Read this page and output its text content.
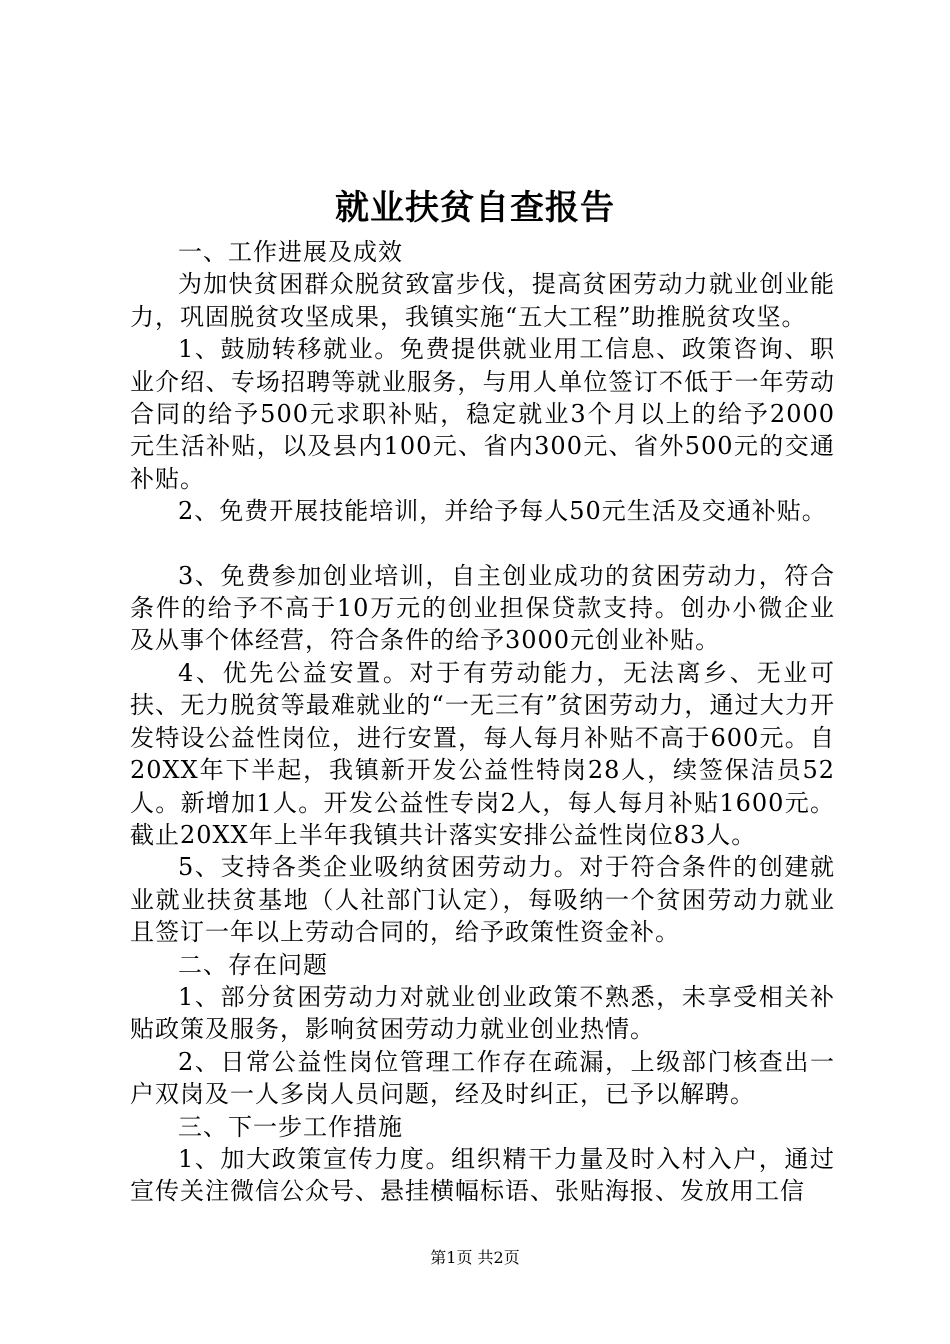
就业扶贫自查报告

一、工作进展及成效

为加快贫困群众脱贫致富步伐，提高贫困劳动力就业创业能力，巩固脱贫攻坚成果，我镇实施“五大工程”助推脱贫攻坚。

1、鼓励转移就业。免费提供就业用工信息、政策咨询、职业介绍、专场招聘等就业服务，与用人单位签订不低于一年劳动合同的给予500元求职补贴，稳定就业3个月以上的给予2000元生活补贴，以及县内100元、省内300元、省外500元的交通补贴。

2、免费开展技能培训，并给予每人50元生活及交通补贴。

3、免费参加创业培训，自主创业成功的贫困劳动力，符合条件的给予不高于10万元的创业担保贷款支持。创办小微企业及从事个体经营，符合条件的给予3000元创业补贴。

4、优先公益安置。对于有劳动能力，无法离乡、无业可扶、无力脱贫等最难就业的“一无三有”贫困劳动力，通过大力开发特设公益性岗位，进行安置，每人每月补贴不高于600元。自20XX年下半起，我镇新开发公益性特岗28人，续签保洁员52人。新增加1人。开发公益性专岗2人，每人每月补贴1600元。截止20XX年上半年我镇共计落实安排公益性岗位83人。

5、支持各类企业吸纳贫困劳动力。对于符合条件的创建就业就业扶贫基地（人社部门认定），每吸纳一个贫困劳动力就业且签订一年以上劳动合同的，给予政策性资金补。

二、存在问题

1、部分贫困劳动力对就业创业政策不熟悉，未享受相关补贴政策及服务，影响贫困劳动力就业创业热情。

2、日常公益性岗位管理工作存在疏漏，上级部门核查出一户双岗及一人多岗人员问题，经及时纠正，已予以解聘。

三、下一步工作措施

1、加大政策宣传力度。组织精干力量及时入村入户，通过宣传关注微信公众号、悬挂横幅标语、张贴海报、发放用工信

第1页 共2页
